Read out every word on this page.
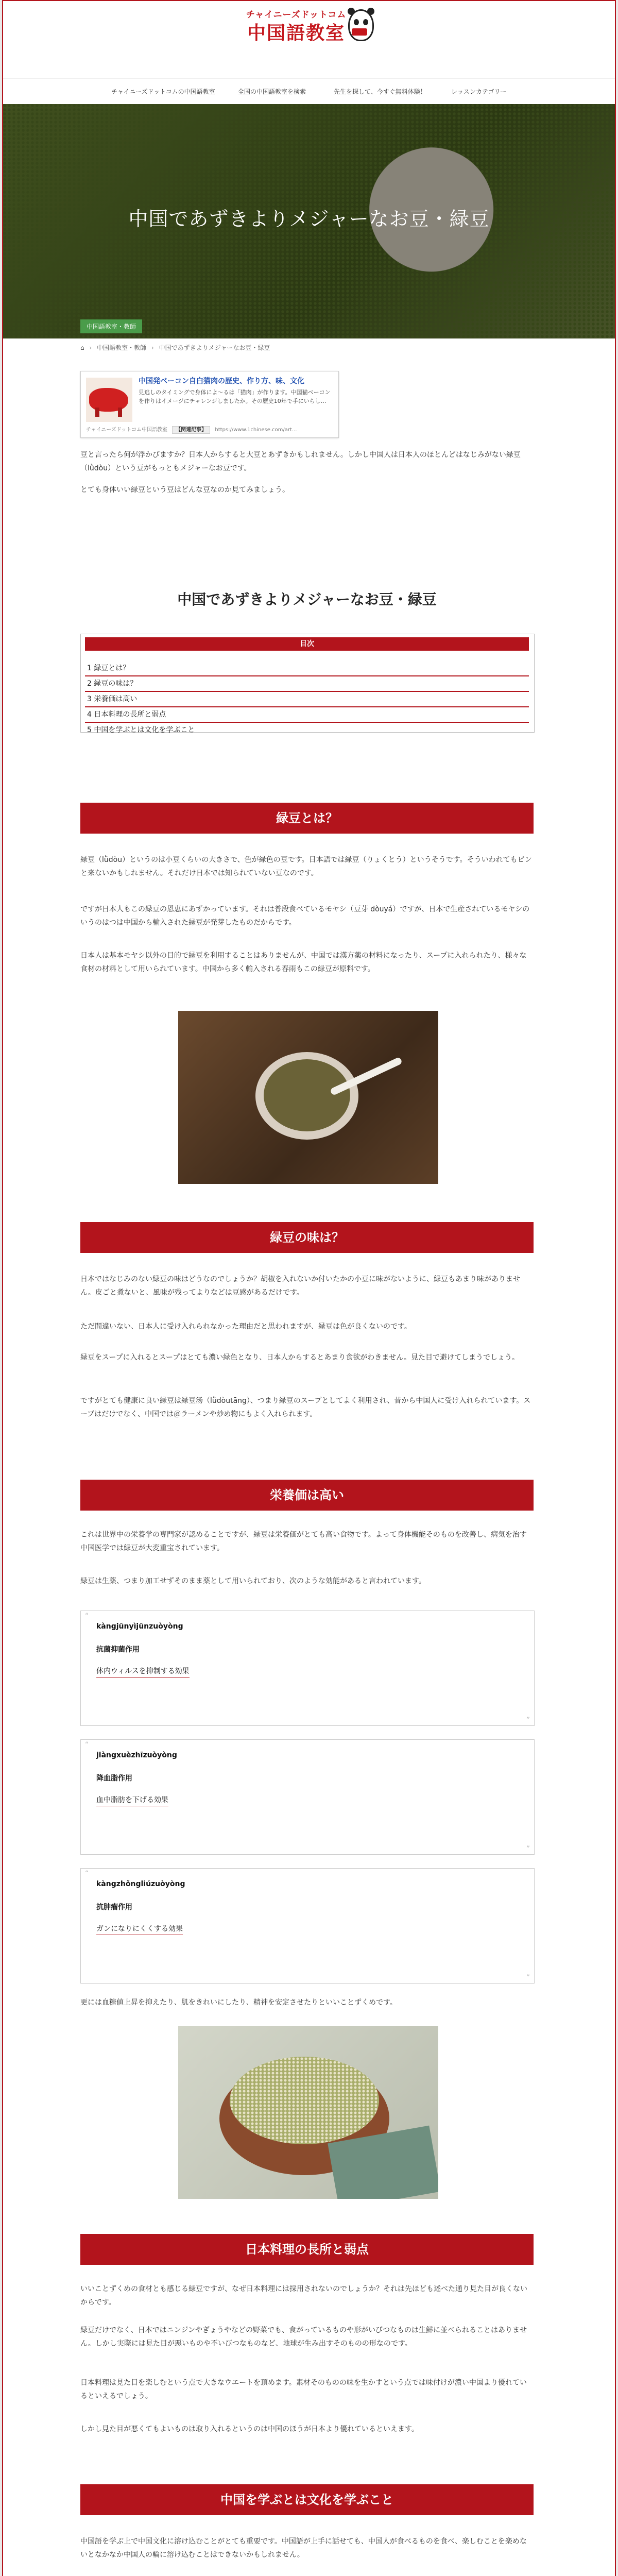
チャイニーズドットコム
中国語教室
チャイニーズドットコムの中国語教室	全国の中国語教室を検索	先生を探して、今すぐ無料体験！	レッスンカテゴリー
中国であずきよりメジャーなお豆・緑豆
中国語教室・教師
⌂ › 中国語教室・教師 › 中国であずきよりメジャーなお豆・緑豆
中国発ベーコン自白猫肉の歴史、作り方、味、文化
見逃しのタイミングで身体によ〜るは「猫肉」が作ります。中国猫ベーコンを作りはイメージにチャレンジしましたか。その歴史10年で手にいらし…
チャイニーズドットコム中国語教室 【関連記事】 https://www.1chinese.com/art...

豆と言ったら何が浮かびますか？日本人からすると大豆とあずきかもしれません。しかし中国人は日本人のほとんどはなじみがない緑豆（lǜdòu）という豆がもっともメジャーなお豆です。

とても身体いい緑豆という豆はどんな豆なのか見てみましょう。

中国であずきよりメジャーなお豆・緑豆
目次
1 緑豆とは？
2 緑豆の味は？
3 栄養価は高い
4 日本料理の長所と弱点
5 中国を学ぶとは文化を学ぶこと
緑豆とは？

緑豆（lǜdòu）というのは小豆くらいの大きさで、色が緑色の豆です。日本語では緑豆（りょくとう）というそうです。そういわれてもピンと来ないかもしれません。それだけ日本では知られていない豆なのです。

ですが日本人もこの緑豆の恩恵にあずかっています。それは普段食べているモヤシ（豆芽 dòuyá）ですが、日本で生産されているモヤシのいうのはつは中国から輸入された緑豆が発芽したものだからです。

日本人は基本モヤシ以外の目的で緑豆を利用することはありませんが、中国では漢方薬の材料になったり、スープに入れられたり、様々な食材の材料として用いられています。中国から多く輸入される春雨もこの緑豆が原料です。

緑豆の味は？

日本ではなじみのない緑豆の味はどうなのでしょうか？胡椒を入れないか付いたかの小豆に味がないように、緑豆もあまり味がありません。皮ごと煮ないと、風味が残ってよりなどは豆感があるだけです。

ただ間違いない、日本人に受け入れられなかった理由だと思われますが、緑豆は色が良くないのです。

緑豆をスープに入れるとスープはとても濃い緑色となり、日本人からするとあまり食欲がわきません。見た目で避けてしまうでしょう。

ですがとても健康に良い緑豆は緑豆汤（lǜdòutāng）、つまり緑豆のスープとしてよく利用され、昔から中国人に受け入れられています。スープはだけでなく、中国では＠ラーメンや炒め物にもよく入れられます。

栄養価は高い

これは世界中の栄養学の専門家が認めることですが、緑豆は栄養価がとても高い食物です。よって身体機能そのものを改善し、病気を治す中国医学では緑豆が大変重宝されています。

緑豆は生薬、つまり加工せずそのまま薬として用いられており、次のような効能があると言われています。

“
”
kàngjūnyìjūnzuòyòng
抗菌抑菌作用
体内ウィルスを抑制する効果
“
”
jiàngxuèzhīzuòyòng
降血脂作用
血中脂肪を下げる効果
“
”
kàngzhǒngliúzuòyòng
抗肿瘤作用
ガンになりにくくする効果

更には血糖値上昇を抑えたり、肌をきれいにしたり、精神を安定させたりといいことずくめです。

日本料理の長所と弱点

いいことずくめの食材とも感じる緑豆ですが、なぜ日本料理には採用されないのでしょうか？それは先ほども述べた通り見た目が良くないからです。

緑豆だけでなく、日本ではニンジンやぎょうやなどの野菜でも、食がっているものや形がいびつなものは生鮮に並べられることはありません。しかし実際には見た目が悪いものや不いびつなものなど、地球が生み出すそのものの形なのです。

日本料理は見た目を楽しむという点で大きなウエートを頂めます。素材そのものの味を生かすという点では味付けが濃い中国より優れているといえるでしょう。

しかし見た目が悪くてもよいものは取り入れるというのは中国のほうが日本より優れているといえます。

中国を学ぶとは文化を学ぶこと

中国語を学ぶ上で中国文化に溶け込むことがとても重要です。中国語が上手に話せても、中国人が食べるものを食べ、楽しむことを楽めないとなかなか中国人の輪に溶け込むことはできないかもしれません。
